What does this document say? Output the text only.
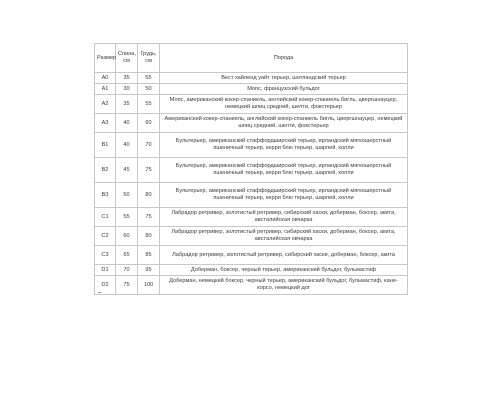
Размер	Спина, см	Грудь, см	Порода
A0	35	55	Вест хайленд уайт терьер, шотландский терьер
A1	30	50	Мопс, французский бульдог
A2	35	55	Мопс, американский кокер-спаниель, английский кокер-спаниель бигль, цвергшнауцер, немецкий шпиц средний, шелти, фокстерьер
A3	40	60	Американский кокер-спаниель, английский кокер-спаниель бигль, цвергшнауцер, немецкий шпиц средний, шелти, фокстерьер
B1	40	70	Бультерьер, американский стаффордширский терьер, ирландский мягкошерстный пшеничный терьер, керри блю терьер, шарпей, колли
B2	45	75	Бультерьер, американский стаффордширский терьер, ирландский мягкошерстный пшеничный терьер, керри блю терьер, шарпей, колли
B3	50	80	Бультерьер, американский стаффордширский терьер, ирландский мягкошерстный пшеничный терьер, керри блю терьер, шарпей, колли
C1	55	75	Лабрадор ретривер, золотистый ретривер, сибирский хаски, доберман, боксер, акита, австалийская овчарка
C2	60	80	Лабрадор ретривер, золотистый ретривер, сибирский хаски, доберман, боксер, акита, австалийская овчарка
C3	65	85	Лабрадор ретривер, золотистый ретривер, сибирский хаски, доберман, боксер, акита
D1	70	95	Доберман, боксер, черный терьер, американский бульдог, бульмастиф
D2	75	100	Доберман, немецкий боксер, черный терьер, американский бульдог, бульмастиф, кане-корсо, немецкий дог
